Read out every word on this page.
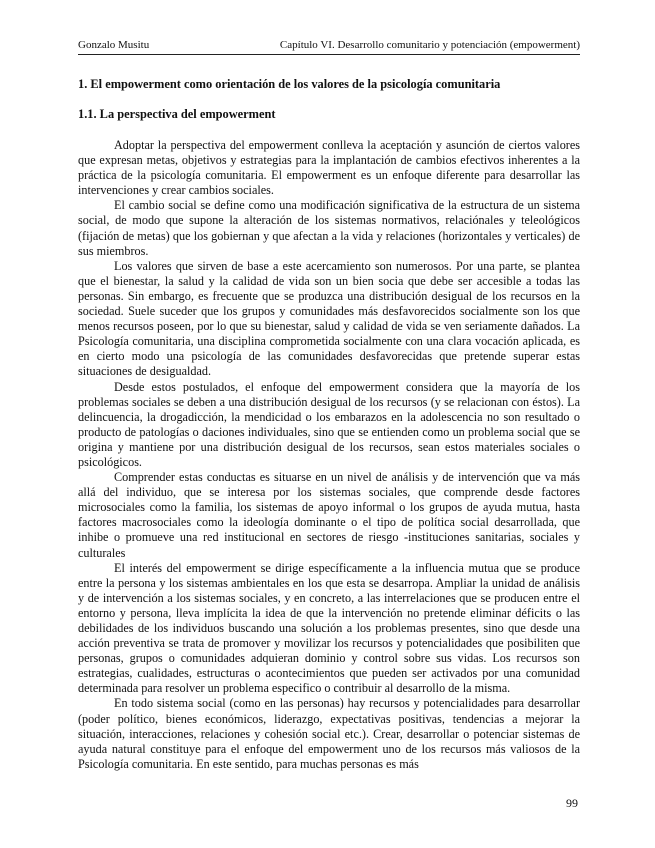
Gonzalo Musitu	Capítulo VI. Desarrollo comunitario y potenciación (empowerment)
1. El empowerment como orientación de los valores de la psicología comunitaria
1.1. La perspectiva del empowerment

Adoptar la perspectiva del empowerment conlleva la aceptación y asunción de ciertos valores que expresan metas, objetivos y estrategias para la implantación de cambios efectivos inherentes a la práctica de la psicología comunitaria. El empowerment es un enfoque diferente para desarrollar las intervenciones y crear cambios sociales.

El cambio social se define como una modificación significativa de la estructura de un sistema social, de modo que supone la alteración de los sistemas normativos, relaciónales y teleológicos (fijación de metas) que los gobiernan y que afectan a la vida y relaciones (horizontales y verticales) de sus miembros.

Los valores que sirven de base a este acercamiento son numerosos. Por una parte, se plantea que el bienestar, la salud y la calidad de vida son un bien socia que debe ser accesible a todas las personas. Sin embargo, es frecuente que se produzca una distribución desigual de los recursos en la sociedad. Suele suceder que los grupos y comunidades más desfavorecidos socialmente son los que menos recursos poseen, por lo que su bienestar, salud y calidad de vida se ven seriamente dañados. La Psicología comunitaria, una disciplina comprometida socialmente con una clara vocación aplicada, es en cierto modo una psicología de las comunidades desfavorecidas que pretende superar estas situaciones de desigualdad.

Desde estos postulados, el enfoque del empowerment considera que la mayoría de los problemas sociales se deben a una distribución desigual de los recursos (y se relacionan con éstos). La delincuencia, la drogadicción, la mendicidad o los embarazos en la adolescencia no son resultado o producto de patologías o daciones individuales, sino que se entienden como un problema social que se origina y mantiene por una distribución desigual de los recursos, sean estos materiales sociales o psicológicos.

Comprender estas conductas es situarse en un nivel de análisis y de intervención que va más allá del individuo, que se interesa por los sistemas sociales, que comprende desde factores microsociales como la familia, los sistemas de apoyo informal o los grupos de ayuda mutua, hasta factores macrosociales como la ideología dominante o el tipo de política social desarrollada, que inhibe o promueve una red institucional en sectores de riesgo -instituciones sanitarias, sociales y culturales

El interés del empowerment se dirige específicamente a la influencia mutua que se produce entre la persona y los sistemas ambientales en los que esta se desarropa. Ampliar la unidad de análisis y de intervención a los sistemas sociales, y en concreto, a las interrelaciones que se producen entre el entorno y persona, lleva implícita la idea de que la intervención no pretende eliminar déficits o las debilidades de los individuos buscando una solución a los problemas presentes, sino que desde una acción preventiva se trata de promover y movilizar los recursos y potencialidades que posibiliten que personas, grupos o comunidades adquieran dominio y control sobre sus vidas. Los recursos son estrategias, cualidades, estructuras o acontecimientos que pueden ser activados por una comunidad determinada para resolver un problema especifico o contribuir al desarrollo de la misma.

En todo sistema social (como en las personas) hay recursos y potencialidades para desarrollar (poder político, bienes económicos, liderazgo, expectativas positivas, tendencias a mejorar la situación, interacciones, relaciones y cohesión social etc.). Crear, desarrollar o potenciar sistemas de ayuda natural constituye para el enfoque del empowerment uno de los recursos más valiosos de la Psicología comunitaria. En este sentido, para muchas personas es más

99
